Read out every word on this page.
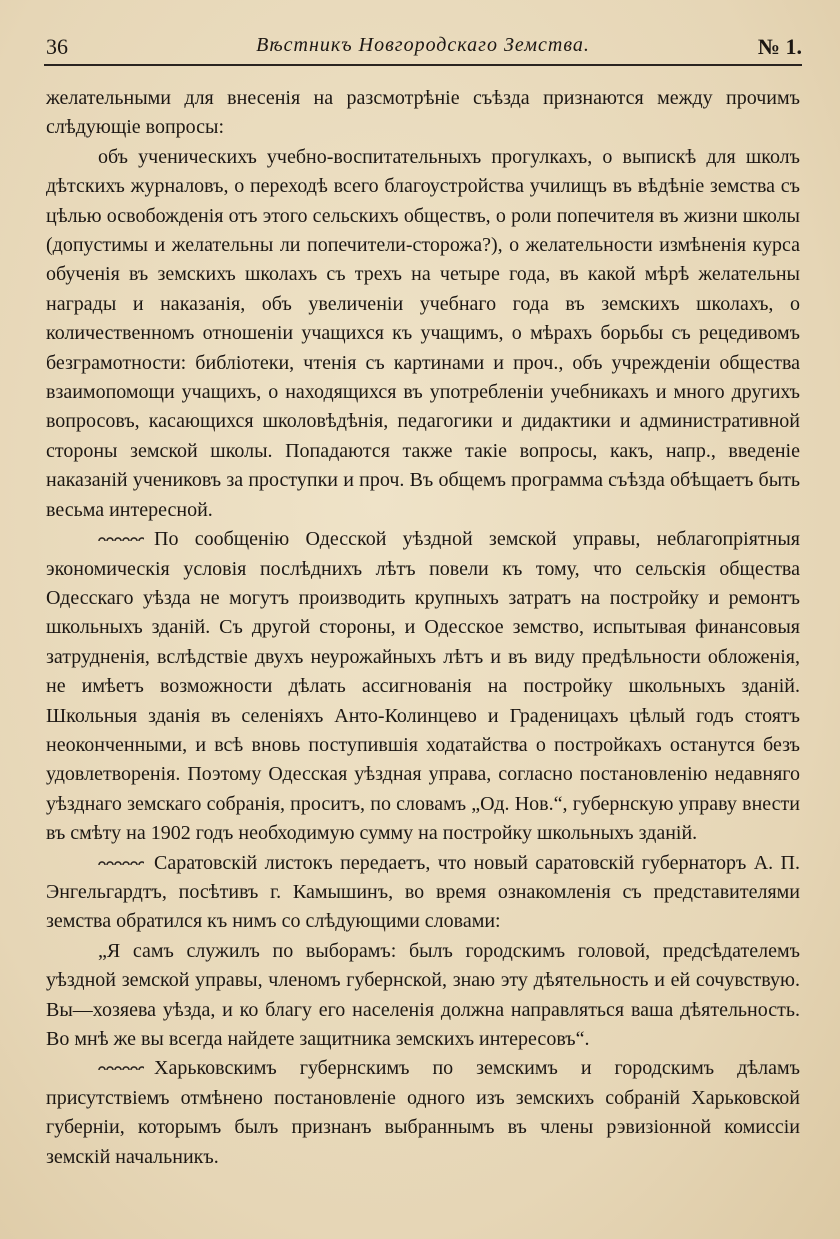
36	Вѣстникъ Новгородскаго Земства.	№ 1.

желательными для внесенія на разсмотрѣніе съѣзда признаются между прочимъ слѣдующіе вопросы:

объ ученическихъ учебно-воспитательныхъ прогулкахъ, о выпискѣ для школъ дѣтскихъ журналовъ, о переходѣ всего благоустройства училищъ въ вѣдѣніе земства съ цѣлью освобожденія отъ этого сельскихъ обществъ, о роли попечителя въ жизни школы (допустимы и желательны ли попечители-сторожа?), о желательности измѣненія курса обученія въ земскихъ школахъ съ трехъ на четыре года, въ какой мѣрѣ желательны награды и наказанія, объ увеличеніи учебнаго года въ земскихъ школахъ, о количественномъ отношеніи учащихся къ учащимъ, о мѣрахъ борьбы съ рецедивомъ безграмотности: библіотеки, чтенія съ картинами и проч., объ учрежденіи общества взаимопомощи учащихъ, о находящихся въ употребленіи учебникахъ и много другихъ вопросовъ, касающихся школовѣдѣнія, педагогики и дидактики и административной стороны земской школы. Попадаются также такіе вопросы, какъ, напр., введеніе наказаній учениковъ за проступки и проч. Въ общемъ программа съѣзда обѣщаетъ быть весьма интересной.

По сообщенію Одесской уѣздной земской управы, неблагопріятныя экономическія условія послѣднихъ лѣтъ повели къ тому, что сельскія общества Одесскаго уѣзда не могутъ производить крупныхъ затратъ на постройку и ремонтъ школьныхъ зданій. Съ другой стороны, и Одесское земство, испытывая финансовыя затрудненія, вслѣдствіе двухъ неурожайныхъ лѣтъ и въ виду предѣльности обложенія, не имѣетъ возможности дѣлать ассигнованія на постройку школьныхъ зданій. Школьныя зданія въ селеніяхъ Анто-Колинцево и Граденицахъ цѣлый годъ стоятъ неоконченными, и всѣ вновь поступившія ходатайства о постройкахъ останутся безъ удовлетворенія. Поэтому Одесская уѣздная управа, согласно постановленію недавняго уѣзднаго земскаго собранія, проситъ, по словамъ „Од. Нов.“, губернскую управу внести въ смѣту на 1902 годъ необходимую сумму на постройку школьныхъ зданій.

Саратовскій листокъ передаетъ, что новый саратовскій губернаторъ А. П. Энгельгардтъ, посѣтивъ г. Камышинъ, во время ознакомленія съ представителями земства обратился къ нимъ со слѣдующими словами:

„Я самъ служилъ по выборамъ: былъ городскимъ головой, предсѣдателемъ уѣздной земской управы, членомъ губернской, знаю эту дѣятельность и ей сочувствую. Вы—хозяева уѣзда, и ко благу его населенія должна направляться ваша дѣятельность. Во мнѣ же вы всегда найдете защитника земскихъ интересовъ“.

Харьковскимъ губернскимъ по земскимъ и городскимъ дѣламъ присутствіемъ отмѣнено постановленіе одного изъ земскихъ собраній Харьковской губерніи, которымъ былъ признанъ выбраннымъ въ члены рэвизіонной комиссіи земскій начальникъ.
